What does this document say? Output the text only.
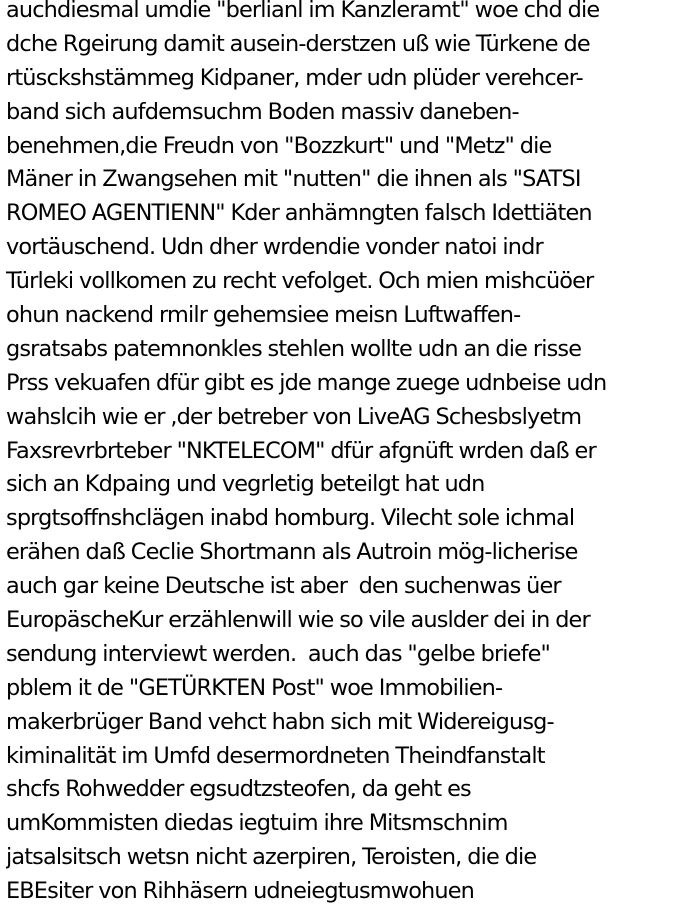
auchdiesmal umdie "berlianl im Kanzleramt" woe chd die
dche Rgeirung damit ausein-derstzen uß wie Türkene de
rtüsckshstämmeg Kidpaner, mder udn plüder verehcer-
band sich aufdemsuchm Boden massiv daneben-
benehmen,die Freudn von "Bozzkurt" und "Metz" die
Mäner in Zwangsehen mit "nutten" die ihnen als "SATSI
ROMEO AGENTIENN" Kder anhämngten falsch Idettiäten
vortäuschend. Udn dher wrdendie vonder natoi indr
Türleki vollkomen zu recht vefolget. Och mien mishcüöer
ohun nackend rmilr gehemsiee meisn Luftwaffen-
gsratsabs patemnonkles stehlen wollte udn an die risse
Prss vekuafen dfür gibt es jde mange zuege udnbeise udn
wahslcih wie er ,der betreber von LiveAG Schesbslyetm
Faxsrevrbrteber "NKTELECOM" dfür afgnüft wrden daß er
sich an Kdpaing und vegrletig beteilgt hat udn
sprgtsoffnshclägen inabd homburg. Vilecht sole ichmal
erähen daß Ceclie Shortmann als Autroin mög-licherise
auch gar keine Deutsche ist aber  den suchenwas üer
EuropäscheKur erzählenwill wie so vile auslder dei in der
sendung interviewt werden.  auch das "gelbe briefe"
pblem it de "GETÜRKTEN Post" woe Immobilien-
makerbrüger Band vehct habn sich mit Widereigusg-
kiminalität im Umfd desermordneten Theindfanstalt
shcfs Rohwedder egsudtzsteofen, da geht es
umKommisten diedas iegtuim ihre Mitsmschnim
jatsalsitsch wetsn nicht azerpiren, Teroisten, die die
EBEsiter von Rihhäsern udneiegtusmwohuen
